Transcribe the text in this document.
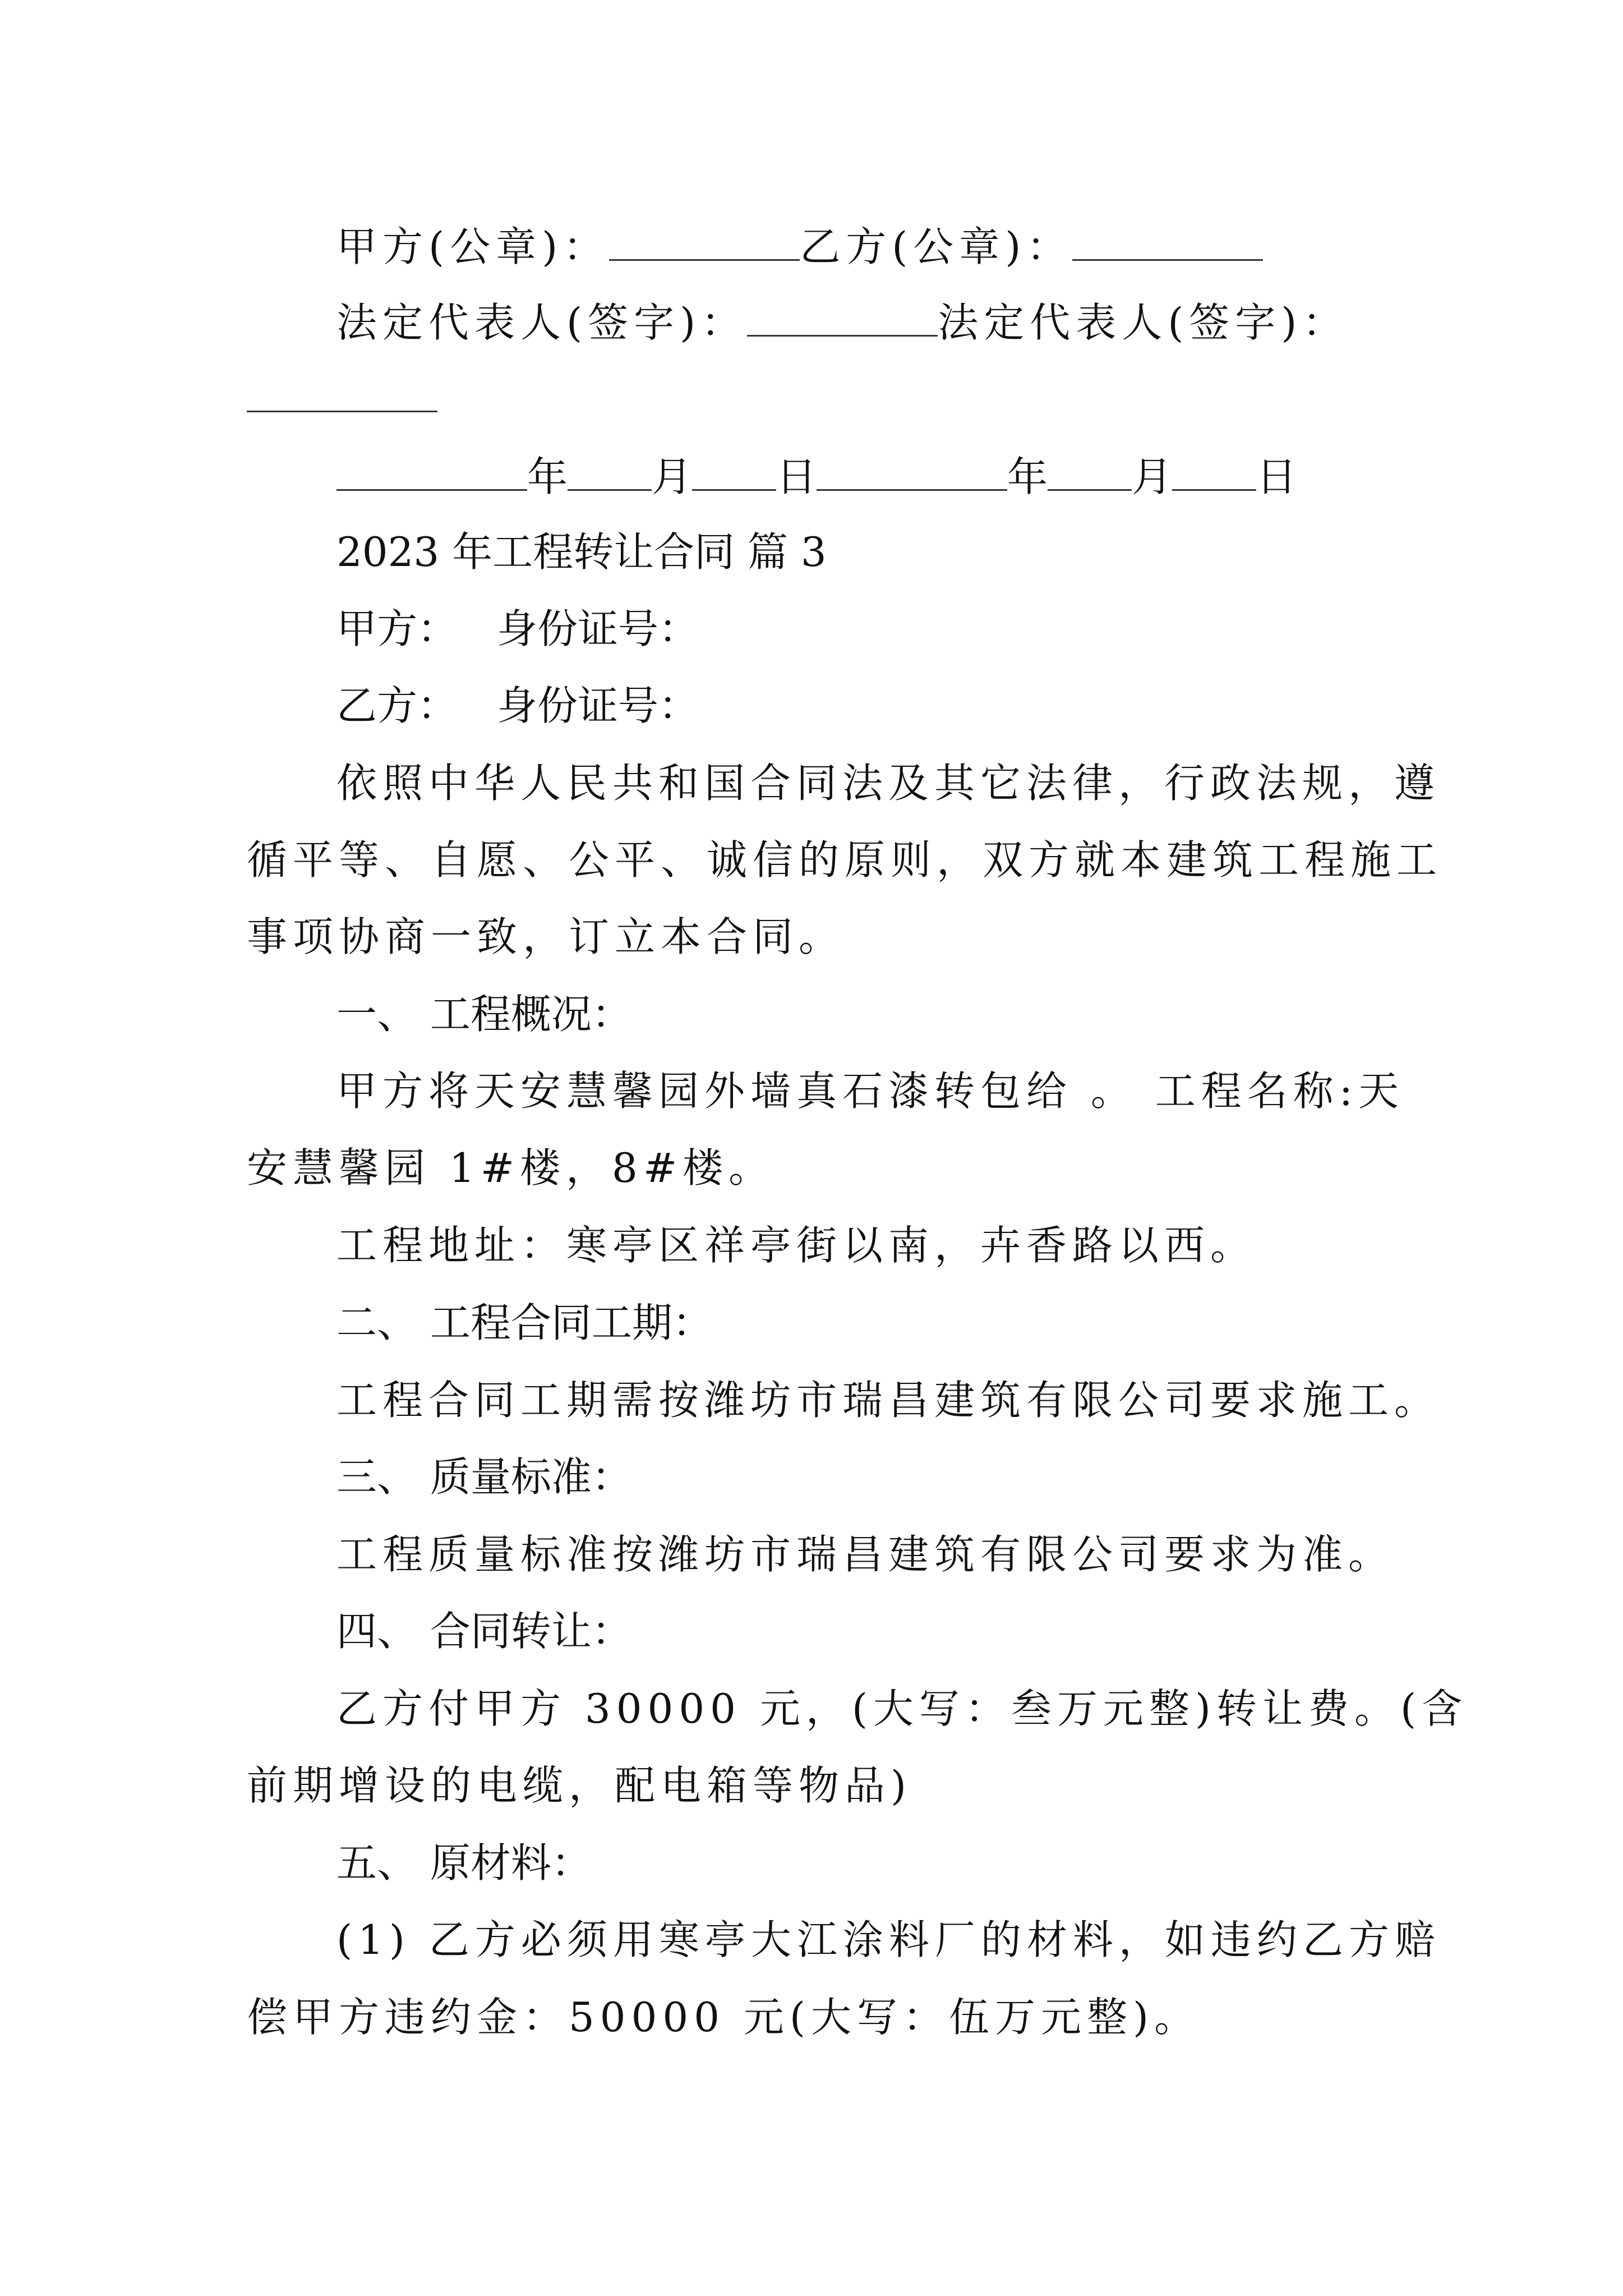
甲方(公章)：	乙方(公章)：
法定代表人(签字)：	法定代表人(签字)：
年 月 日	年 月 日
2023 年工程转让合同 篇 3
甲方： 身份证号：
乙方： 身份证号：
依照中华人民共和国合同法及其它法律，行政法规，遵
循平等、自愿、公平、诚信的原则，双方就本建筑工程施工
事项协商一致，订立本合同。
一、 工程概况：
甲方将天安慧馨园外墙真石漆转包给 。 工程名称:天
安慧馨园 1#楼，8#楼。
工程地址：寒亭区祥亭街以南，卉香路以西。
二、 工程合同工期：
工程合同工期需按潍坊市瑞昌建筑有限公司要求施工。
三、 质量标准：
工程质量标准按潍坊市瑞昌建筑有限公司要求为准。
四、 合同转让：
乙方付甲方 30000 元，(大写：叁万元整)转让费。(含
前期增设的电缆，配电箱等物品)
五、 原材料：
(1) 乙方必须用寒亭大江涂料厂的材料，如违约乙方赔
偿甲方违约金：50000 元(大写：伍万元整)。
